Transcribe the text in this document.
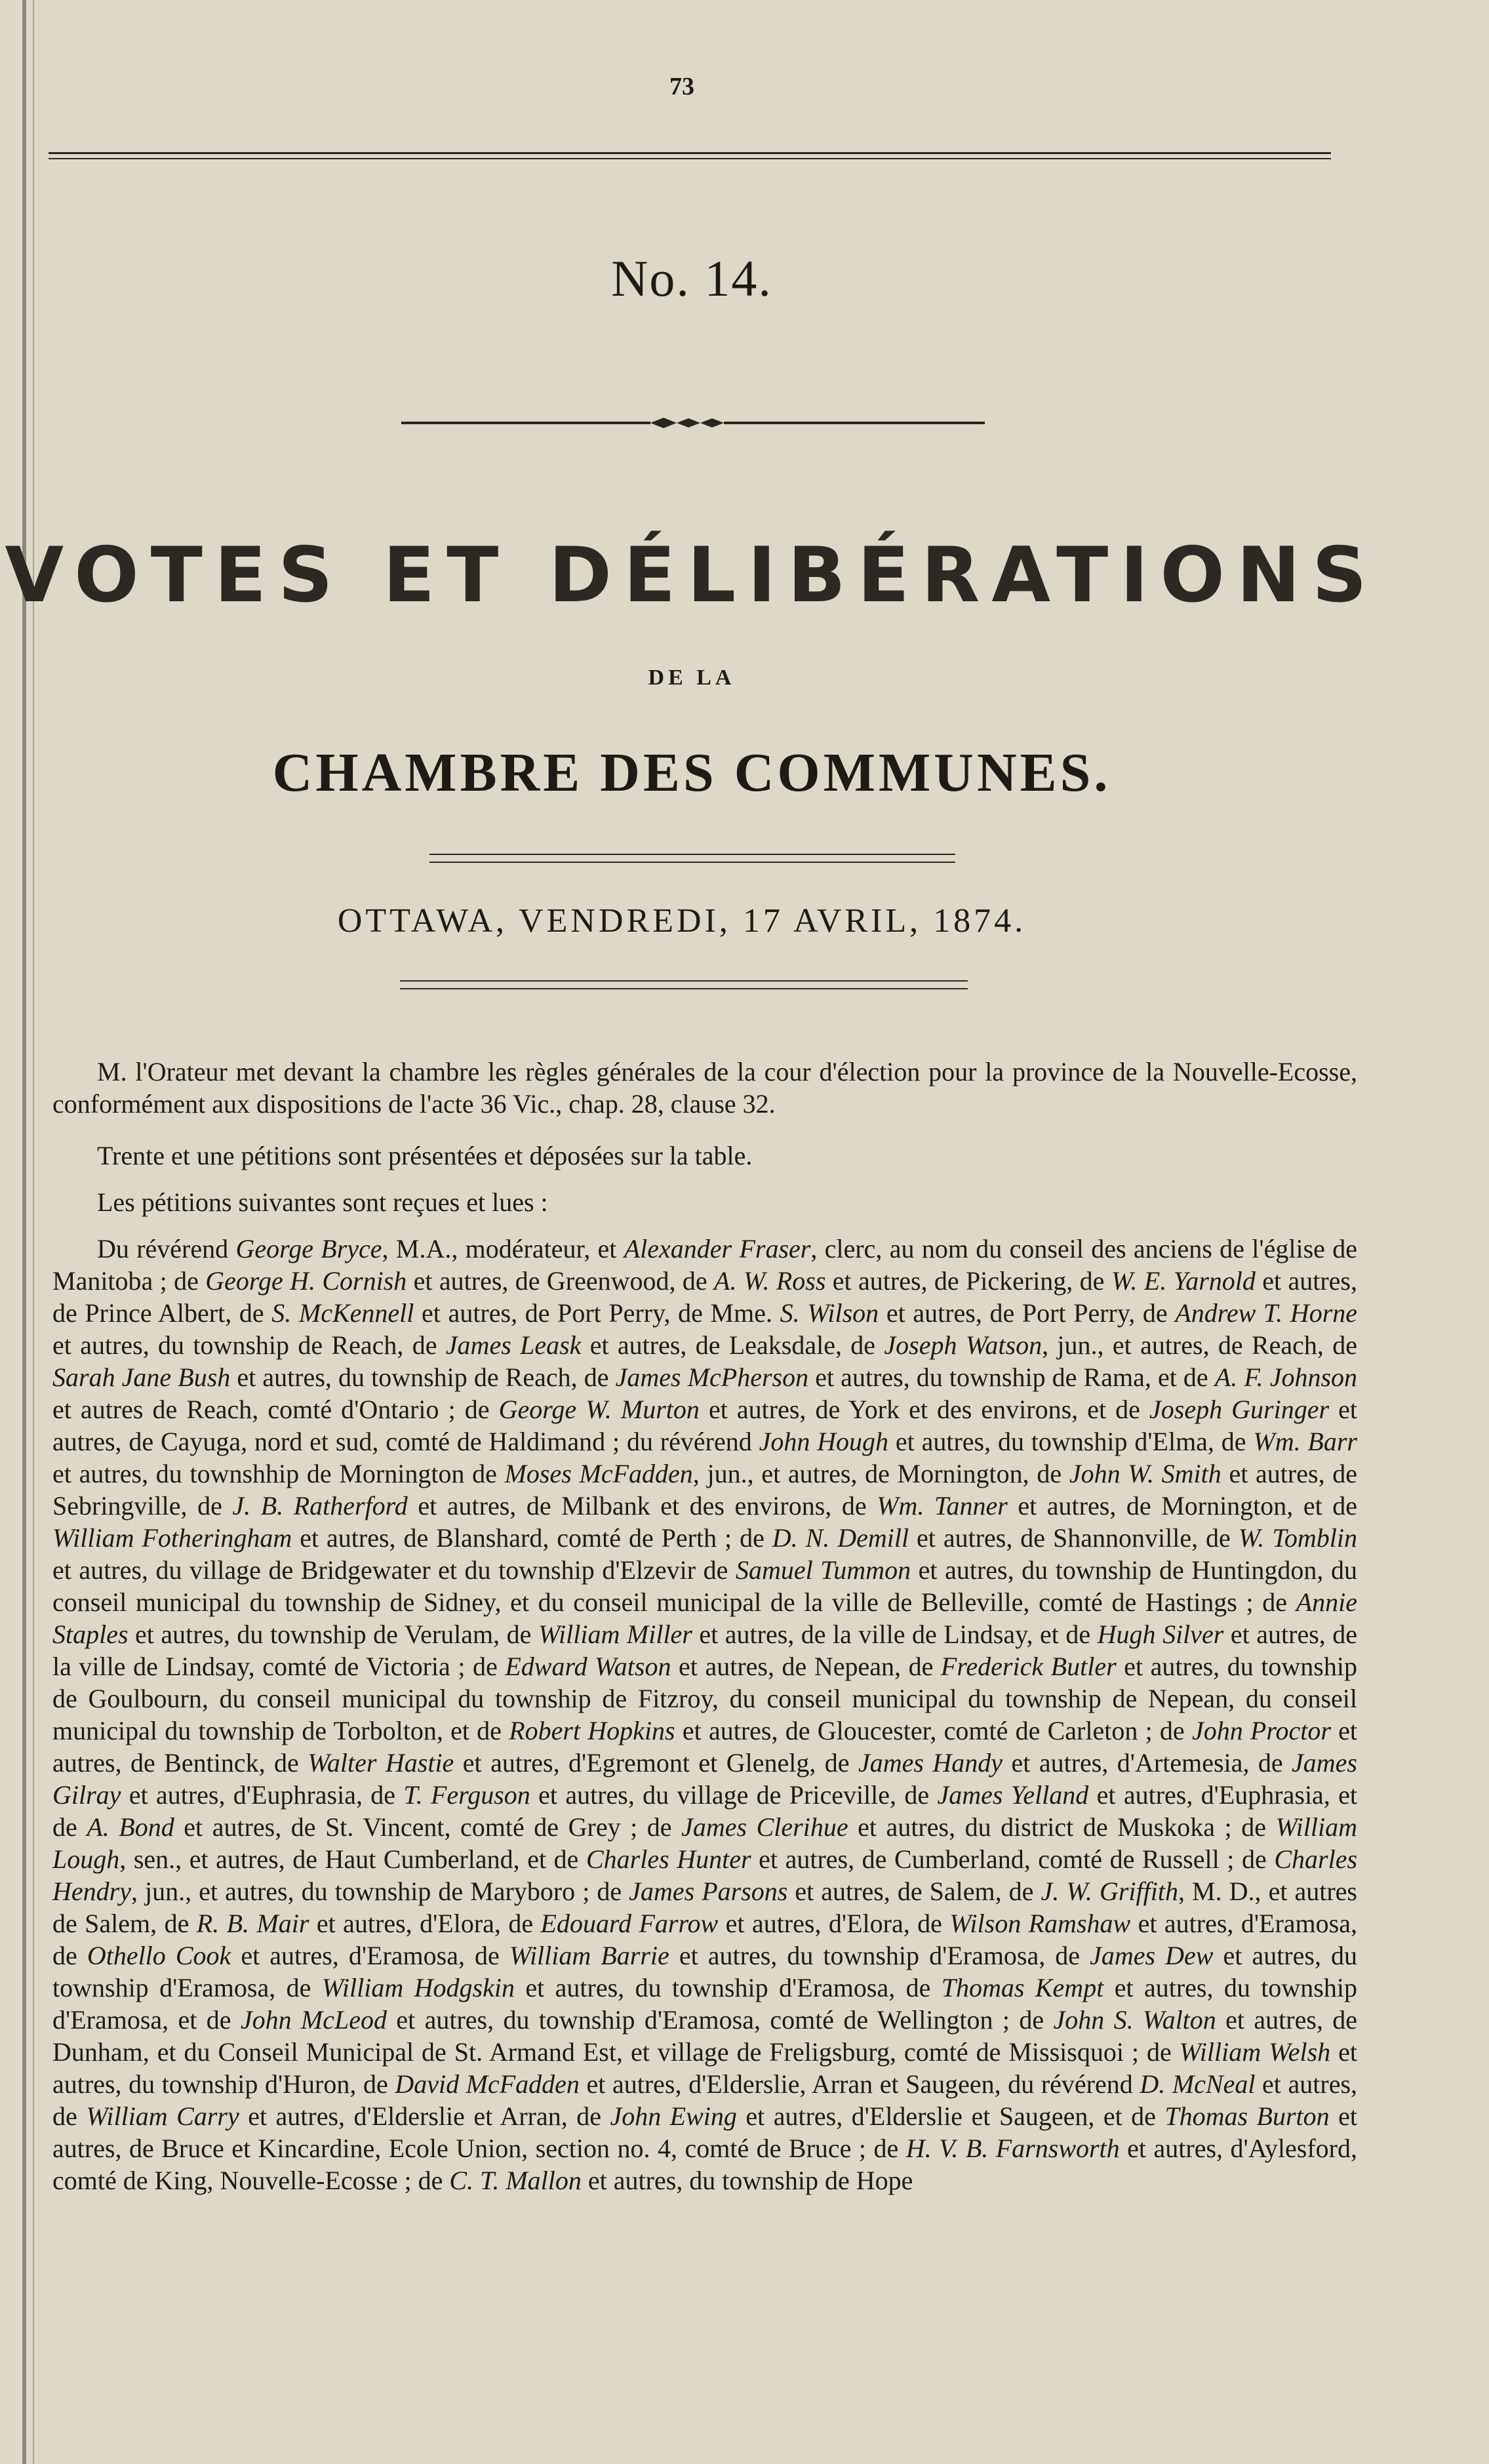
73
No. 14.
VOTES ET DÉLIBÉRATIONS
DE LA
CHAMBRE DES COMMUNES.
OTTAWA, VENDREDI, 17 AVRIL, 1874.

M. l'Orateur met devant la chambre les règles générales de la cour d'élection pour la province de la Nouvelle-Ecosse, conformément aux dispositions de l'acte 36 Vic., chap. 28, clause 32.

Trente et une pétitions sont présentées et déposées sur la table.

Les pétitions suivantes sont reçues et lues :

Du révérend George Bryce, M.A., modérateur, et Alexander Fraser, clerc, au nom du conseil des anciens de l'église de Manitoba ; de George H. Cornish et autres, de Greenwood, de A. W. Ross et autres, de Pickering, de W. E. Yarnold et autres, de Prince Albert, de S. McKennell et autres, de Port Perry, de Mme. S. Wilson et autres, de Port Perry, de Andrew T. Horne et autres, du township de Reach, de James Leask et autres, de Leaksdale, de Joseph Watson, jun., et autres, de Reach, de Sarah Jane Bush et autres, du township de Reach, de James McPherson et autres, du township de Rama, et de A. F. Johnson et autres de Reach, comté d'Ontario ; de George W. Murton et autres, de York et des environs, et de Joseph Guringer et autres, de Cayuga, nord et sud, comté de Haldimand ; du révérend John Hough et autres, du township d'Elma, de Wm. Barr et autres, du townshhip de Mornington de Moses McFadden, jun., et autres, de Mornington, de John W. Smith et autres, de Sebringville, de J. B. Ratherford et autres, de Milbank et des environs, de Wm. Tanner et autres, de Mornington, et de William Fotheringham et autres, de Blanshard, comté de Perth ; de D. N. Demill et autres, de Shannonville, de W. Tomblin et autres, du village de Bridgewater et du township d'Elzevir de Samuel Tummon et autres, du township de Huntingdon, du conseil municipal du township de Sidney, et du conseil municipal de la ville de Belleville, comté de Hastings ; de Annie Staples et autres, du township de Verulam, de William Miller et autres, de la ville de Lindsay, et de Hugh Silver et autres, de la ville de Lindsay, comté de Victoria ; de Edward Watson et autres, de Nepean, de Frederick Butler et autres, du township de Goulbourn, du conseil municipal du township de Fitzroy, du conseil municipal du township de Nepean, du conseil municipal du township de Torbolton, et de Robert Hopkins et autres, de Gloucester, comté de Carleton ; de John Proctor et autres, de Bentinck, de Walter Hastie et autres, d'Egremont et Glenelg, de James Handy et autres, d'Artemesia, de James Gilray et autres, d'Euphrasia, de T. Ferguson et autres, du village de Priceville, de James Yelland et autres, d'Euphrasia, et de A. Bond et autres, de St. Vincent, comté de Grey ; de James Clerihue et autres, du district de Muskoka ; de William Lough, sen., et autres, de Haut Cumberland, et de Charles Hunter et autres, de Cumberland, comté de Russell ; de Charles Hendry, jun., et autres, du township de Maryboro ; de James Parsons et autres, de Salem, de J. W. Griffith, M. D., et autres de Salem, de R. B. Mair et autres, d'Elora, de Edouard Farrow et autres, d'Elora, de Wilson Ramshaw et autres, d'Eramosa, de Othello Cook et autres, d'Eramosa, de William Barrie et autres, du township d'Eramosa, de James Dew et autres, du township d'Eramosa, de William Hodgskin et autres, du township d'Eramosa, de Thomas Kempt et autres, du township d'Eramosa, et de John McLeod et autres, du township d'Eramosa, comté de Wellington ; de John S. Walton et autres, de Dunham, et du Conseil Municipal de St. Armand Est, et village de Freligsburg, comté de Missisquoi ; de William Welsh et autres, du township d'Huron, de David McFadden et autres, d'Elderslie, Arran et Saugeen, du révérend D. McNeal et autres, de William Carry et autres, d'Elderslie et Arran, de John Ewing et autres, d'Elderslie et Saugeen, et de Thomas Burton et autres, de Bruce et Kincardine, Ecole Union, section no. 4, comté de Bruce ; de H. V. B. Farnsworth et autres, d'Aylesford, comté de King, Nouvelle-Ecosse ; de C. T. Mallon et autres, du township de Hope
